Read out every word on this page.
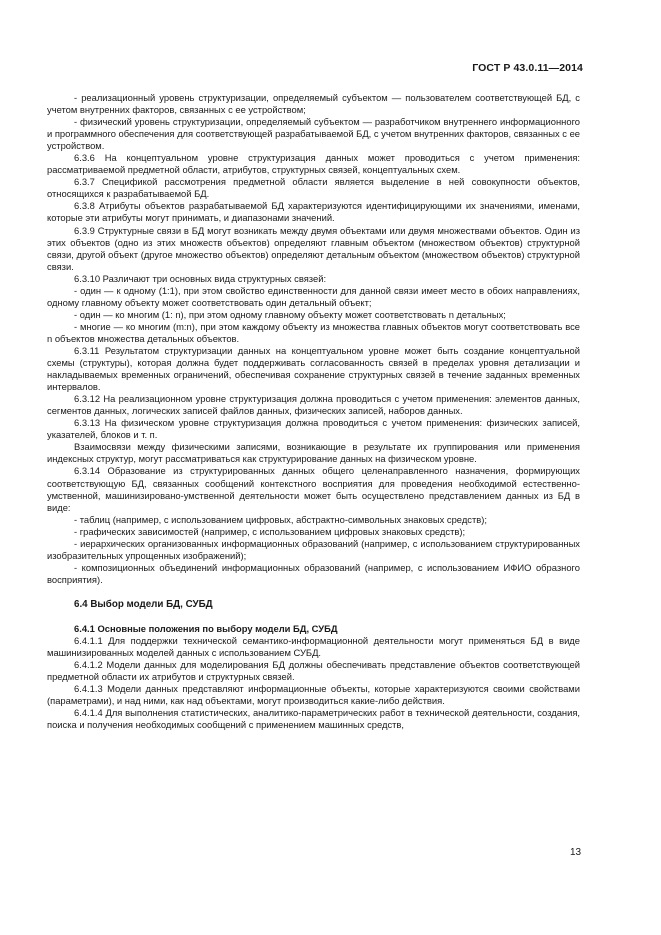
ГОСТ Р 43.0.11—2014

- реализационный уровень структуризации, определяемый субъектом — пользователем соответствующей БД, с учетом внутренних факторов, связанных с ее устройством;

- физический уровень структуризации, определяемый субъектом — разработчиком внутреннего информационного и программного обеспечения для соответствующей разрабатываемой БД, с учетом внутренних факторов, связанных с ее устройством.

6.3.6 На концептуальном уровне структуризация данных может проводиться с учетом применения: рассматриваемой предметной области, атрибутов, структурных связей, концептуальных схем.

6.3.7 Спецификой рассмотрения предметной области является выделение в ней совокупности объектов, относящихся к разрабатываемой БД.

6.3.8 Атрибуты объектов разрабатываемой БД характеризуются идентифицирующими их значениями, именами, которые эти атрибуты могут принимать, и диапазонами значений.

6.3.9 Структурные связи в БД могут возникать между двумя объектами или двумя множествами объектов. Один из этих объектов (одно из этих множеств объектов) определяют главным объектом (множеством объектов) структурной связи, другой объект (другое множество объектов) определяют детальным объектом (множеством объектов) структурной связи.

6.3.10 Различают три основных вида структурных связей:

- один — к одному (1:1), при этом свойство единственности для данной связи имеет место в обоих направлениях, одному главному объекту может соответствовать один детальный объект;

- один — ко многим (1: n), при этом одному главному объекту может соответствовать n детальных;

- многие — ко многим (m:n), при этом каждому объекту из множества главных объектов могут соответствовать все n объектов множества детальных объектов.

6.3.11 Результатом структуризации данных на концептуальном уровне может быть создание концептуальной схемы (структуры), которая должна будет поддерживать согласованность связей в пределах уровня детализации и накладываемых временных ограничений, обеспечивая сохранение структурных связей в течение заданных временных интервалов.

6.3.12 На реализационном уровне структуризация должна проводиться с учетом применения: элементов данных, сегментов данных, логических записей файлов данных, физических записей, наборов данных.

6.3.13 На физическом уровне структуризация должна проводиться с учетом применения: физических записей, указателей, блоков и т. п.

Взаимосвязи между физическими записями, возникающие в результате их группирования или применения индексных структур, могут рассматриваться как структурирование данных на физическом уровне.

6.3.14 Образование из структурированных данных общего целенаправленного назначения, формирующих соответствующую БД, связанных сообщений контекстного восприятия для проведения необходимой естественно-умственной, машинизировано-умственной деятельности может быть осуществлено представлением данных из БД в виде:

- таблиц (например, с использованием цифровых, абстрактно-символьных знаковых средств);

- графических зависимостей (например, с использованием цифровых знаковых средств);

- иерархических организованных информационных образований (например, с использованием структурированных изобразительных упрощенных изображений);

- композиционных объединений информационных образований (например, с использованием ИФИО образного восприятия).

6.4 Выбор модели БД, СУБД

6.4.1 Основные положения по выбору модели БД, СУБД

6.4.1.1 Для поддержки технической семантико-информационной деятельности могут применяться БД в виде машинизированных моделей данных с использованием СУБД.

6.4.1.2 Модели данных для моделирования БД должны обеспечивать представление объектов соответствующей предметной области их атрибутов и структурных связей.

6.4.1.3 Модели данных представляют информационные объекты, которые характеризуются своими свойствами (параметрами), и над ними, как над объектами, могут производиться какие-либо действия.

6.4.1.4 Для выполнения статистических, аналитико-параметрических работ в технической деятельности, создания, поиска и получения необходимых сообщений с применением машинных средств,

13
